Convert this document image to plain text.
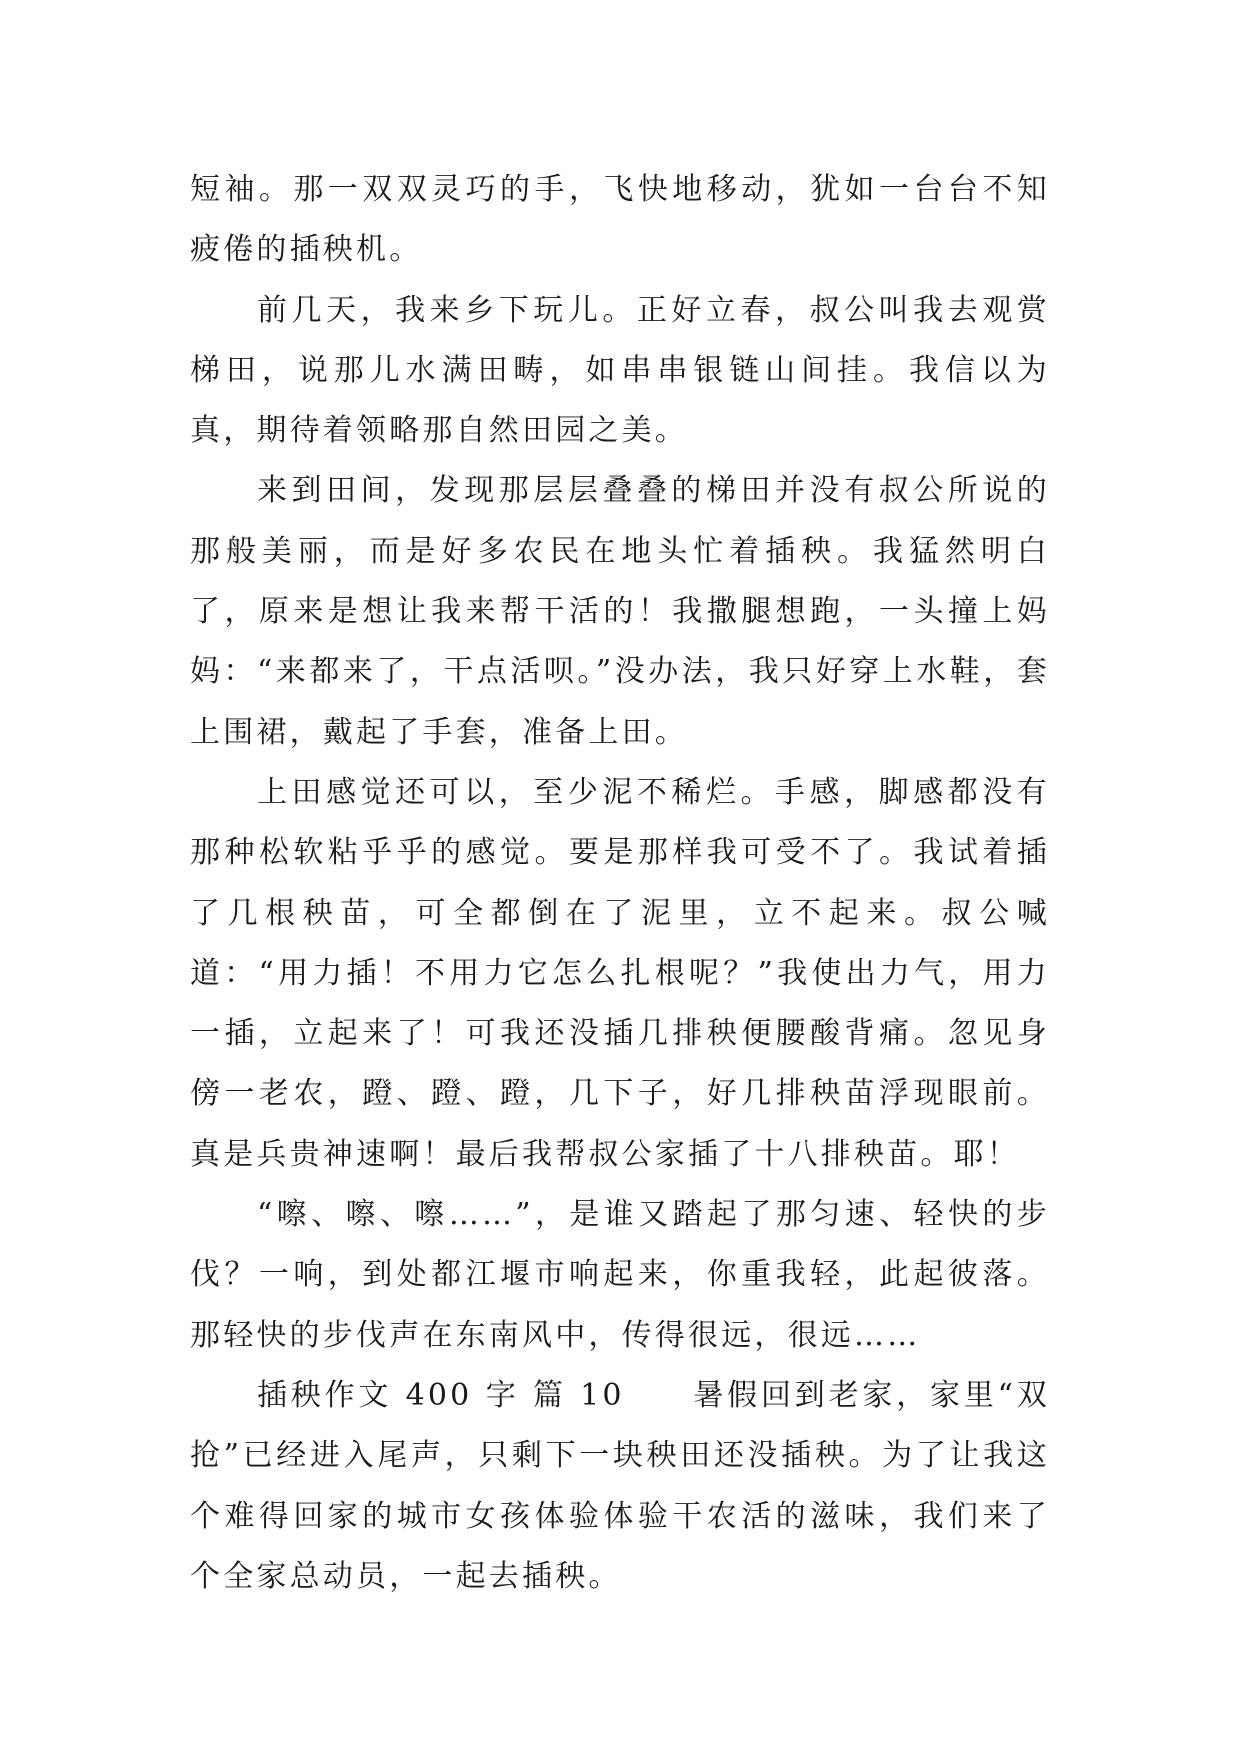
短袖。那一双双灵巧的手，飞快地移动，犹如一台台不知疲倦的插秧机。

前几天，我来乡下玩儿。正好立春，叔公叫我去观赏梯田，说那儿水满田畴，如串串银链山间挂。我信以为真，期待着领略那自然田园之美。

来到田间，发现那层层叠叠的梯田并没有叔公所说的那般美丽，而是好多农民在地头忙着插秧。我猛然明白了，原来是想让我来帮干活的！我撒腿想跑，一头撞上妈妈：“来都来了，干点活呗。”没办法，我只好穿上水鞋，套上围裙，戴起了手套，准备上田。

上田感觉还可以，至少泥不稀烂。手感，脚感都没有那种松软粘乎乎的感觉。要是那样我可受不了。我试着插了几根秧苗，可全都倒在了泥里，立不起来。叔公喊道：“用力插！不用力它怎么扎根呢？”我使出力气，用力一插，立起来了！可我还没插几排秧便腰酸背痛。忽见身傍一老农，蹬、蹬、蹬，几下子，好几排秧苗浮现眼前。真是兵贵神速啊！最后我帮叔公家插了十八排秧苗。耶！

“嚓、嚓、嚓……”，是谁又踏起了那匀速、轻快的步伐？一响，到处都江堰市响起来，你重我轻，此起彼落。那轻快的步伐声在东南风中，传得很远，很远……

插秧作文 400 字 篇 10 暑假回到老家，家里“双抢”已经进入尾声，只剩下一块秧田还没插秧。为了让我这个难得回家的城市女孩体验体验干农活的滋味，我们来了个全家总动员，一起去插秧。
